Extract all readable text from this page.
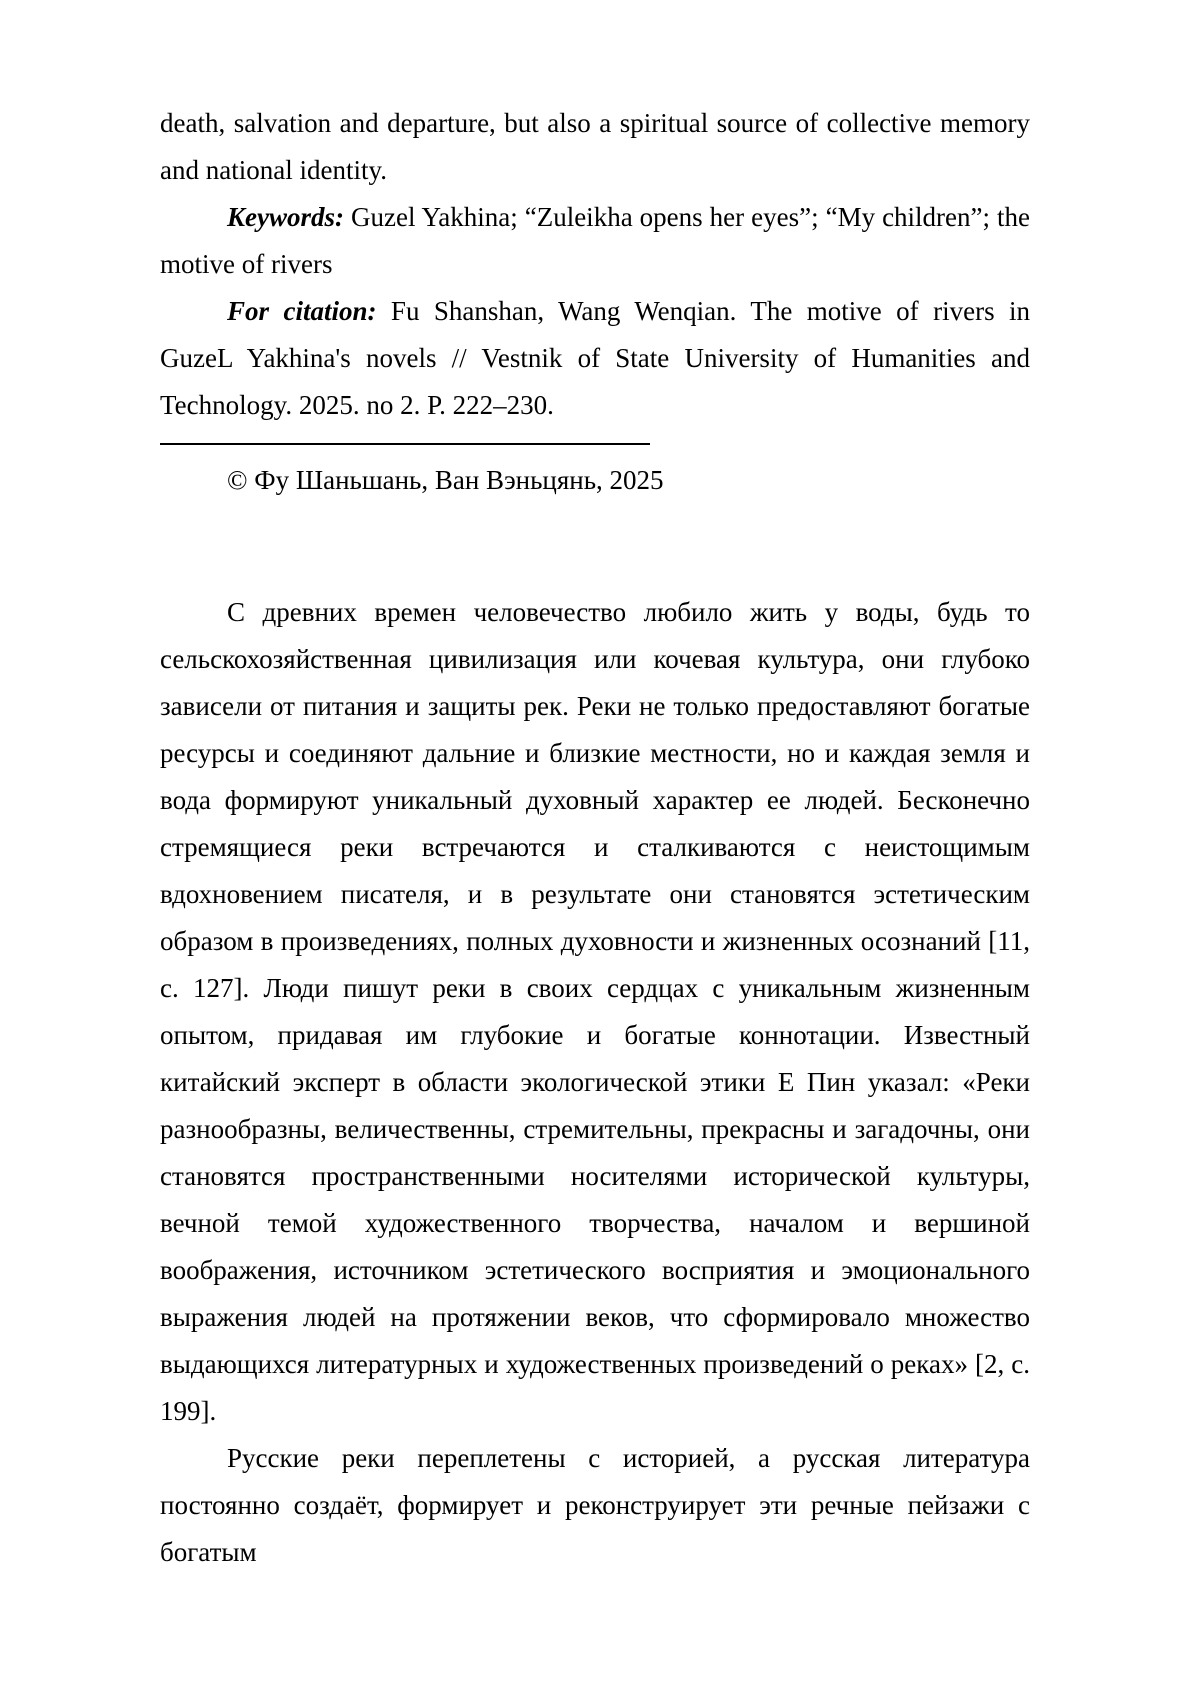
death, salvation and departure, but also a spiritual source of collective memory and national identity.

Keywords: Guzel Yakhina; “Zuleikha opens her eyes”; “My children”; the motive of rivers

For citation: Fu Shanshan, Wang Wenqian. The motive of rivers in GuzeL Yakhina's novels // Vestnik of State University of Humanities and Technology. 2025. no 2. P. 222–230.

© Фу Шаньшань, Ван Вэньцянь, 2025

С древних времен человечество любило жить у воды, будь то сельскохозяйственная цивилизация или кочевая культура, они глубоко зависели от питания и защиты рек. Реки не только предоставляют богатые ресурсы и соединяют дальние и близкие местности, но и каждая земля и вода формируют уникальный духовный характер ее людей. Бесконечно стремящиеся реки встречаются и сталкиваются с неистощимым вдохновением писателя, и в результате они становятся эстетическим образом в произведениях, полных духовности и жизненных осознаний [11, с. 127]. Люди пишут реки в своих сердцах с уникальным жизненным опытом, придавая им глубокие и богатые коннотации. Известный китайский эксперт в области экологической этики Е Пин указал: «Реки разнообразны, величественны, стремительны, прекрасны и загадочны, они становятся пространственными носителями исторической культуры, вечной темой художественного творчества, началом и вершиной воображения, источником эстетического восприятия и эмоционального выражения людей на протяжении веков, что сформировало множество выдающихся литературных и художественных произведений о реках» [2, с. 199].

Русские реки переплетены с историей, а русская литература постоянно создаёт, формирует и реконструирует эти речные пейзажи с богатым
